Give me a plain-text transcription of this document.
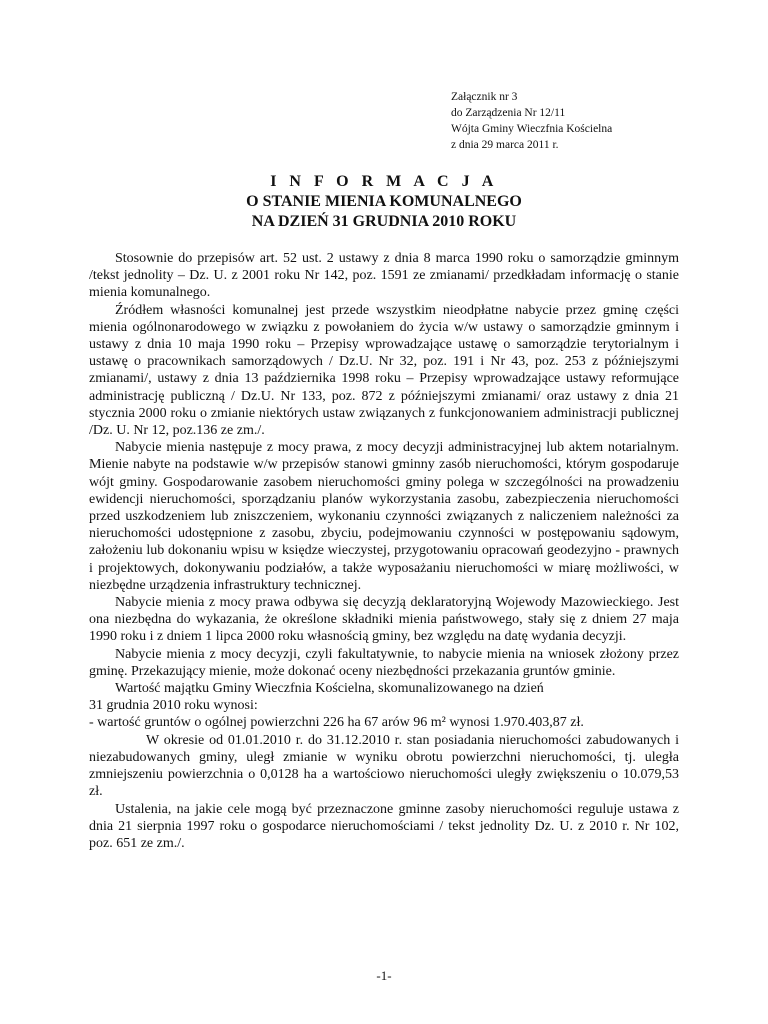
Załącznik nr 3
do Zarządzenia Nr 12/11
Wójta Gminy Wieczfnia Kościelna
z dnia 29 marca 2011 r.
I N F O R M A C J A
O STANIE MIENIA KOMUNALNEGO
NA DZIEŃ 31 GRUDNIA 2010 ROKU

Stosownie do przepisów art. 52 ust. 2 ustawy z dnia 8 marca 1990 roku o samorządzie gminnym /tekst jednolity – Dz. U. z 2001 roku Nr 142, poz. 1591 ze zmianami/ przedkładam informację o stanie mienia komunalnego.

Źródłem własności komunalnej jest przede wszystkim nieodpłatne nabycie przez gminę części mienia ogólnonarodowego w związku z powołaniem do życia w/w ustawy o samorządzie gminnym i ustawy z dnia 10 maja 1990 roku – Przepisy wprowadzające ustawę o samorządzie terytorialnym i ustawę o pracownikach samorządowych / Dz.U. Nr 32, poz. 191 i Nr 43, poz. 253 z późniejszymi zmianami/, ustawy z dnia 13 października 1998 roku – Przepisy wprowadzające ustawy reformujące administrację publiczną / Dz.U. Nr 133, poz. 872 z późniejszymi zmianami/ oraz ustawy z dnia 21 stycznia 2000 roku o zmianie niektórych ustaw związanych z funkcjonowaniem administracji publicznej /Dz. U. Nr 12, poz.136 ze zm./.

Nabycie mienia następuje z mocy prawa, z mocy decyzji administracyjnej lub aktem notarialnym. Mienie nabyte na podstawie w/w przepisów stanowi gminny zasób nieruchomości, którym gospodaruje wójt gminy. Gospodarowanie zasobem nieruchomości gminy polega w szczególności na prowadzeniu ewidencji nieruchomości, sporządzaniu planów wykorzystania zasobu, zabezpieczenia nieruchomości przed uszkodzeniem lub zniszczeniem, wykonaniu czynności związanych z naliczeniem należności za nieruchomości udostępnione z zasobu, zbyciu, podejmowaniu czynności w postępowaniu sądowym, założeniu lub dokonaniu wpisu w księdze wieczystej, przygotowaniu opracowań geodezyjno - prawnych i projektowych, dokonywaniu podziałów, a także wyposażaniu nieruchomości w miarę możliwości, w niezbędne urządzenia infrastruktury technicznej.

Nabycie mienia z mocy prawa odbywa się decyzją deklaratoryjną Wojewody Mazowieckiego. Jest ona niezbędna do wykazania, że określone składniki mienia państwowego, stały się z dniem 27 maja 1990 roku i z dniem 1 lipca 2000 roku własnością gminy, bez względu na datę wydania decyzji.

Nabycie mienia z mocy decyzji, czyli fakultatywnie, to nabycie mienia na wniosek złożony przez gminę. Przekazujący mienie, może dokonać oceny niezbędności przekazania gruntów gminie.

Wartość majątku Gminy Wieczfnia Kościelna, skomunalizowanego na dzień

31 grudnia 2010 roku wynosi:

- wartość gruntów o ogólnej powierzchni 226 ha 67 arów 96 m² wynosi 1.970.403,87 zł.

W okresie od 01.01.2010 r. do 31.12.2010 r. stan posiadania nieruchomości zabudowanych i niezabudowanych gminy, uległ zmianie w wyniku obrotu powierzchni nieruchomości, tj. uległa zmniejszeniu powierzchnia o 0,0128 ha a wartościowo nieruchomości uległy zwiększeniu o 10.079,53 zł.

Ustalenia, na jakie cele mogą być przeznaczone gminne zasoby nieruchomości reguluje ustawa z dnia 21 sierpnia 1997 roku o gospodarce nieruchomościami / tekst jednolity Dz. U. z 2010 r. Nr 102, poz. 651 ze zm./.

-1-
